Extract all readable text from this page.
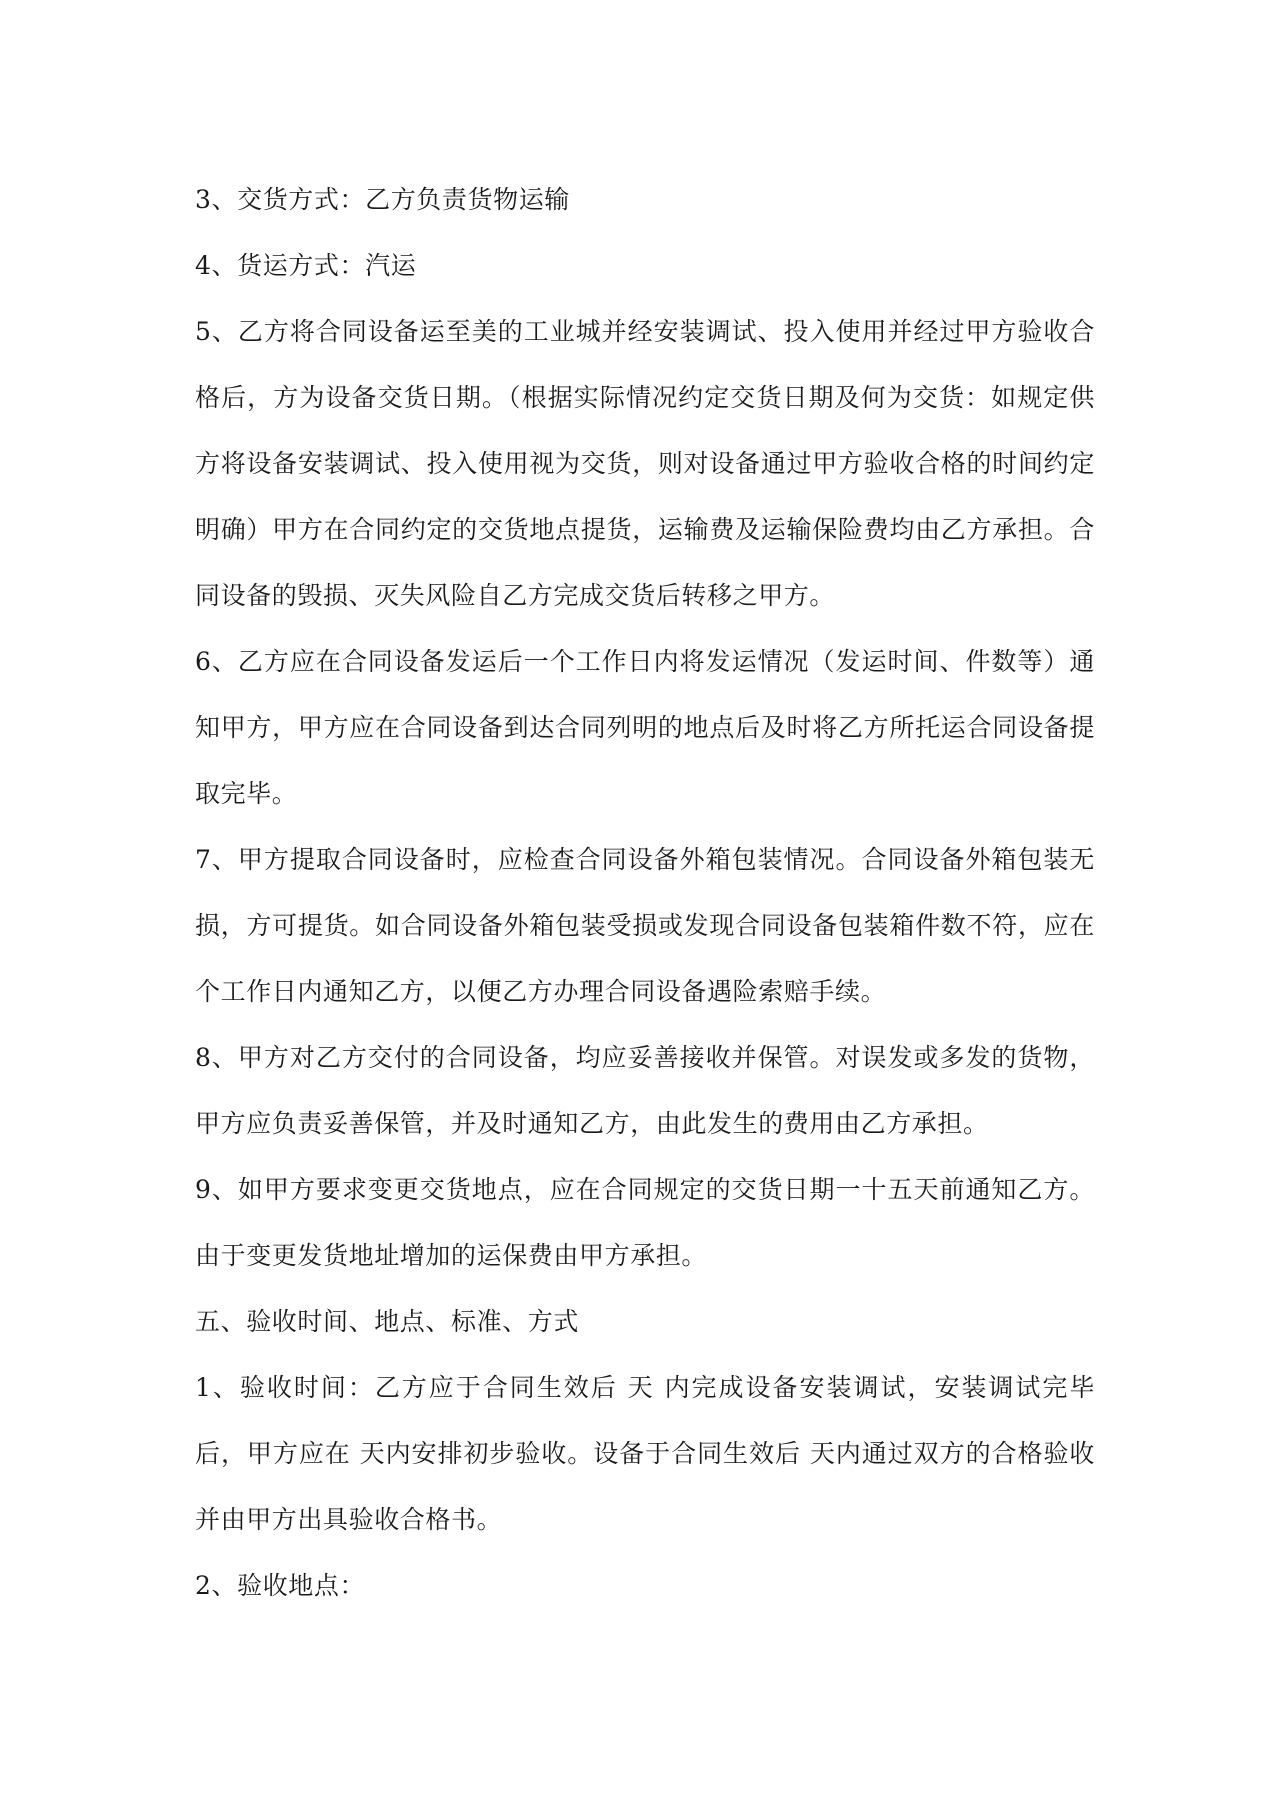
3、交货方式：乙方负责货物运输

4、货运方式：汽运

5、乙方将合同设备运至美的工业城并经安装调试、投入使用并经过甲方验收合格后，方为设备交货日期。（根据实际情况约定交货日期及何为交货：如规定供方将设备安装调试、投入使用视为交货，则对设备通过甲方验收合格的时间约定明确）甲方在合同约定的交货地点提货，运输费及运输保险费均由乙方承担。合同设备的毁损、灭失风险自乙方完成交货后转移之甲方。

6、乙方应在合同设备发运后一个工作日内将发运情况（发运时间、件数等）通知甲方，甲方应在合同设备到达合同列明的地点后及时将乙方所托运合同设备提取完毕。

7、甲方提取合同设备时，应检查合同设备外箱包装情况。合同设备外箱包装无损，方可提货。如合同设备外箱包装受损或发现合同设备包装箱件数不符，应在个工作日内通知乙方，以便乙方办理合同设备遇险索赔手续。

8、甲方对乙方交付的合同设备，均应妥善接收并保管。对误发或多发的货物，甲方应负责妥善保管，并及时通知乙方，由此发生的费用由乙方承担。

9、如甲方要求变更交货地点，应在合同规定的交货日期一十五天前通知乙方。由于变更发货地址增加的运保费由甲方承担。

五、验收时间、地点、标准、方式

1、验收时间：乙方应于合同生效后 天 内完成设备安装调试，安装调试完毕后，甲方应在 天内安排初步验收。设备于合同生效后 天内通过双方的合格验收并由甲方出具验收合格书。

2、验收地点：
